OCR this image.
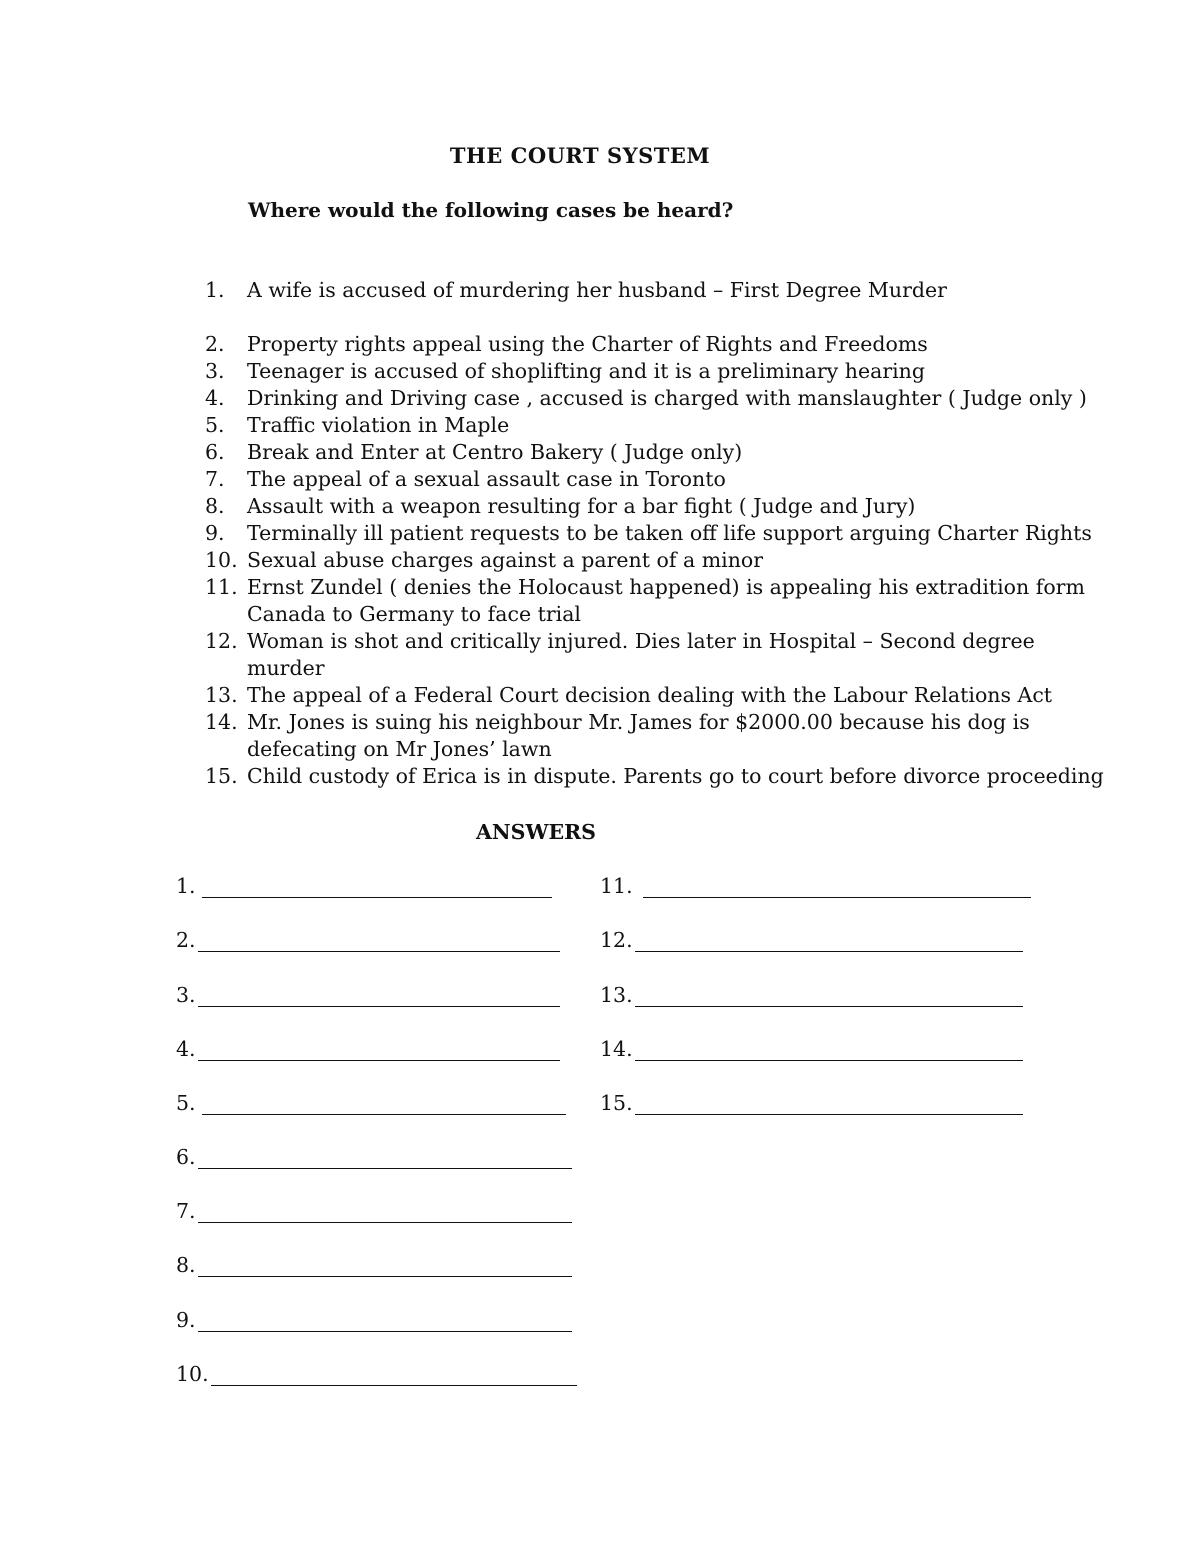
THE COURT SYSTEM
Where would the following cases be heard?
1. A wife is accused of murdering her husband – First Degree Murder
2. Property rights appeal using the Charter of Rights and Freedoms
3. Teenager is accused of shoplifting and it is a preliminary hearing
4. Drinking and Driving case , accused is charged with manslaughter ( Judge only )
5. Traffic violation in Maple
6. Break and Enter at Centro Bakery ( Judge only)
7. The appeal of a sexual assault case in Toronto
8. Assault with a weapon resulting for a bar fight ( Judge and Jury)
9. Terminally ill patient requests to be taken off life support arguing Charter Rights
10. Sexual abuse charges against a parent of a minor
11. Ernst Zundel ( denies the Holocaust happened) is appealing his extradition form Canada to Germany to face trial
12. Woman is shot and critically injured. Dies later in Hospital – Second degree murder
13. The appeal of a Federal Court decision dealing with the Labour Relations Act
14. Mr. Jones is suing his neighbour Mr. James for $2000.00 because his dog is defecating on Mr Jones’ lawn
15. Child custody of Erica is in dispute. Parents go to court before divorce proceeding
ANSWERS
1.
2.
3.
4.
5.
6.
7.
8.
9.
10.
11.
12.
13.
14.
15.
